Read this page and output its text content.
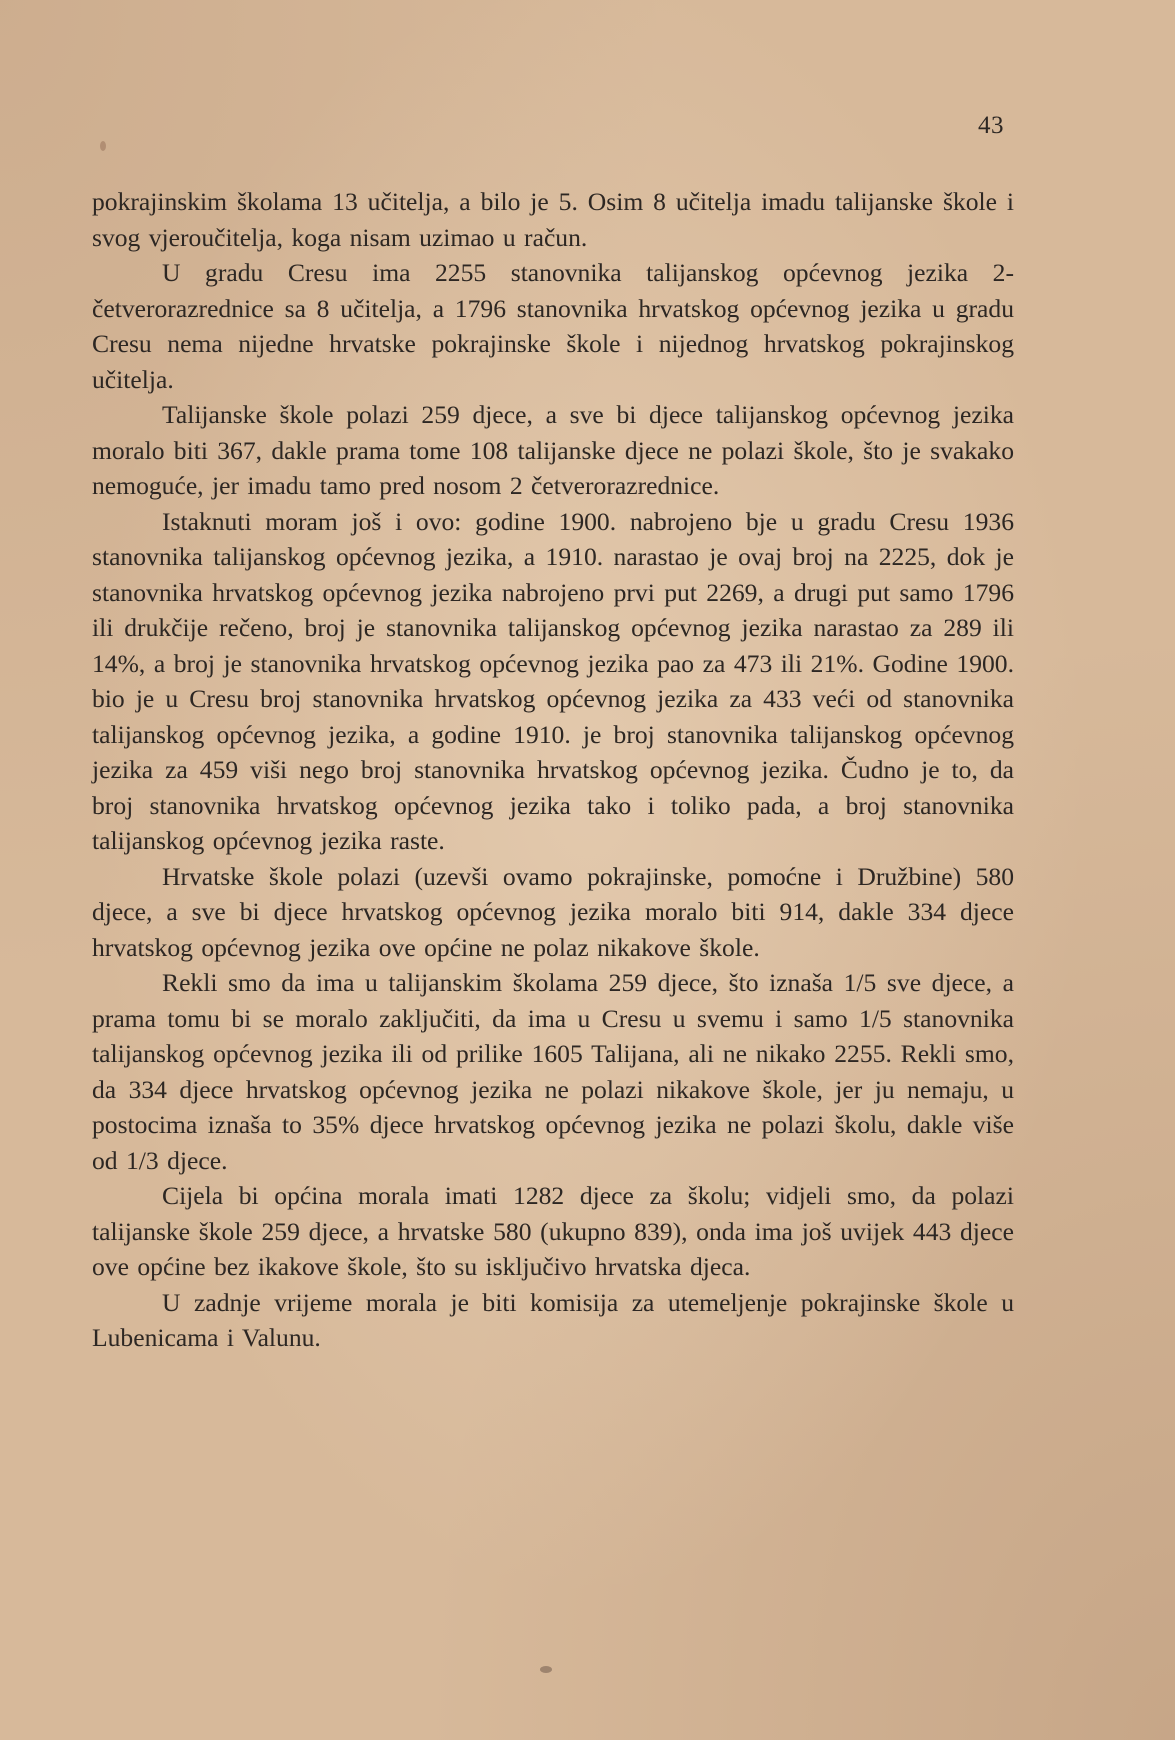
43

pokrajinskim školama 13 učitelja, a bilo je 5. Osim 8 učitelja imadu talijanske škole i svog vjeroučitelja, koga nisam uzimao u račun.

U gradu Cresu ima 2255 stanovnika talijanskog općevnog jezika 2-četverorazrednice sa 8 učitelja, a 1796 stanovnika hrvatskog općevnog jezika u gradu Cresu nema nijedne hrvatske pokrajinske škole i nijednog hrvatskog pokrajinskog učitelja.

Talijanske škole polazi 259 djece, a sve bi djece talijanskog općevnog jezika moralo biti 367, dakle prama tome 108 talijanske djece ne polazi škole, što je svakako nemoguće, jer imadu tamo pred nosom 2 četverorazrednice.

Istaknuti moram još i ovo: godine 1900. nabrojeno bje u gradu Cresu 1936 stanovnika talijanskog općevnog jezika, a 1910. narastao je ovaj broj na 2225, dok je stanovnika hrvatskog općevnog jezika nabrojeno prvi put 2269, a drugi put samo 1796 ili drukčije rečeno, broj je stanovnika talijanskog općevnog jezika narastao za 289 ili 14%, a broj je stanovnika hrvatskog općevnog jezika pao za 473 ili 21%. Godine 1900. bio je u Cresu broj stanovnika hrvatskog općevnog jezika za 433 veći od stanovnika talijanskog općevnog jezika, a godine 1910. je broj stanovnika talijanskog općevnog jezika za 459 viši nego broj stanovnika hrvatskog općevnog jezika. Čudno je to, da broj stanovnika hrvatskog općevnog jezika tako i toliko pada, a broj stanovnika talijanskog općevnog jezika raste.

Hrvatske škole polazi (uzevši ovamo pokrajinske, pomoćne i Družbine) 580 djece, a sve bi djece hrvatskog općevnog jezika moralo biti 914, dakle 334 djece hrvatskog općevnog jezika ove općine ne polaz nikakove škole.

Rekli smo da ima u talijanskim školama 259 djece, što iznaša 1/5 sve djece, a prama tomu bi se moralo zaključiti, da ima u Cresu u svemu i samo 1/5 stanovnika talijanskog općevnog jezika ili od prilike 1605 Talijana, ali ne nikako 2255. Rekli smo, da 334 djece hrvatskog općevnog jezika ne polazi nikakove škole, jer ju nemaju, u postocima iznaša to 35% djece hrvatskog općevnog jezika ne polazi školu, dakle više od 1/3 djece.

Cijela bi općina morala imati 1282 djece za školu; vidjeli smo, da polazi talijanske škole 259 djece, a hrvatske 580 (ukupno 839), onda ima još uvijek 443 djece ove općine bez ikakove škole, što su isključivo hrvatska djeca.

U zadnje vrijeme morala je biti komisija za utemeljenje pokrajinske škole u Lubenicama i Valunu.
